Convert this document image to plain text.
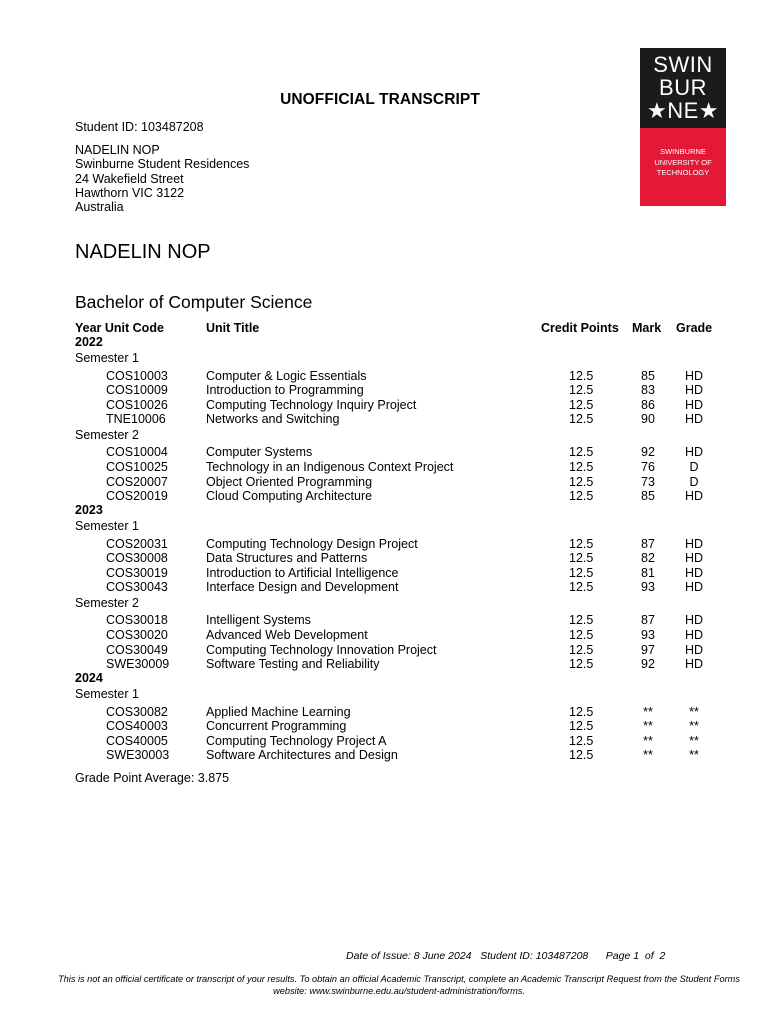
UNOFFICIAL TRANSCRIPT
Student ID: 103487208
NADELIN NOP
Swinburne Student Residences
24 Wakefield Street
Hawthorn VIC 3122
Australia
SWIN
BUR
★NE★
SWINBURNE
UNIVERSITY OF
TECHNOLOGY
NADELIN NOP
Bachelor of Computer Science
Year Unit Code	Unit Title	Credit Points Mark Grade
2022
Semester 1
COS10003	Computer & Logic Essentials	12.5	85	HD
COS10009	Introduction to Programming	12.5	83	HD
COS10026	Computing Technology Inquiry Project	12.5	86	HD
TNE10006	Networks and Switching	12.5	90	HD
Semester 2
COS10004	Computer Systems	12.5	92	HD
COS10025	Technology in an Indigenous Context Project	12.5	76	D
COS20007	Object Oriented Programming	12.5	73	D
COS20019	Cloud Computing Architecture	12.5	85	HD
2023
Semester 1
COS20031	Computing Technology Design Project	12.5	87	HD
COS30008	Data Structures and Patterns	12.5	82	HD
COS30019	Introduction to Artificial Intelligence	12.5	81	HD
COS30043	Interface Design and Development	12.5	93	HD
Semester 2
COS30018	Intelligent Systems	12.5	87	HD
COS30020	Advanced Web Development	12.5	93	HD
COS30049	Computing Technology Innovation Project	12.5	97	HD
SWE30009	Software Testing and Reliability	12.5	92	HD
2024
Semester 1
COS30082	Applied Machine Learning	12.5	**	**
COS40003	Concurrent Programming	12.5	**	**
COS40005	Computing Technology Project A	12.5	**	**
SWE30003	Software Architectures and Design	12.5	**	**
Grade Point Average: 3.875
Date of Issue: 8 June 2024   Student ID: 103487208      Page 1  of  2
This is not an official certificate or transcript of your results. To obtain an official Academic Transcript, complete an Academic Transcript Request from the Student Forms website: www.swinburne.edu.au/student-administration/forms.
